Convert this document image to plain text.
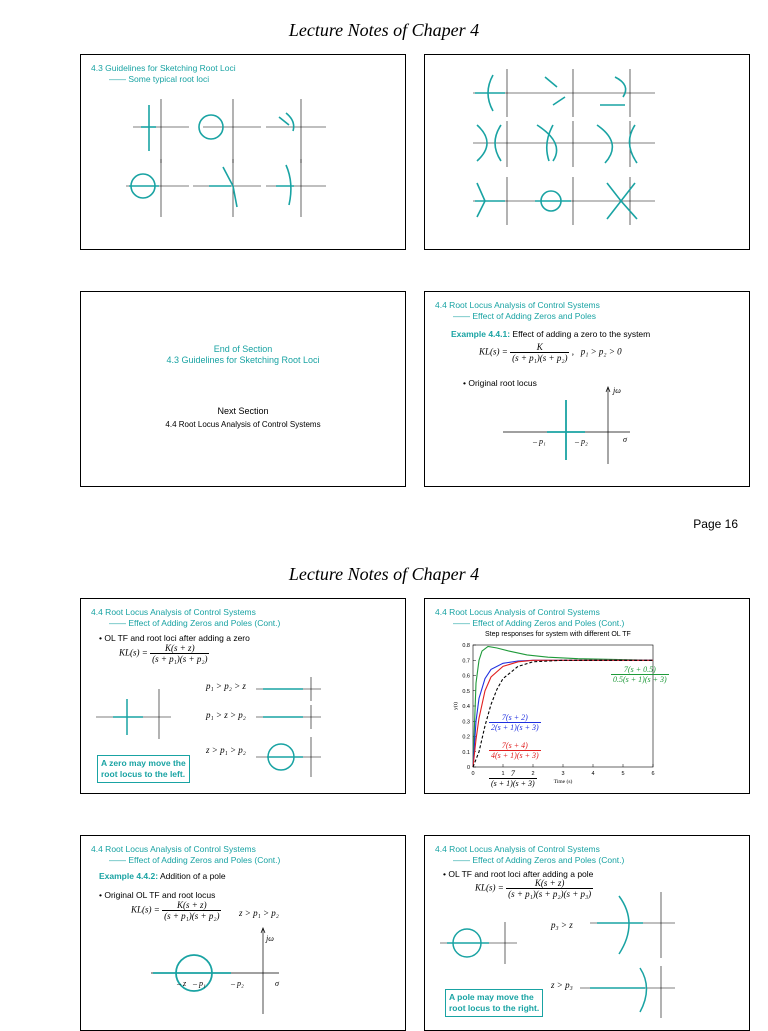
Lecture Notes of Chaper 4
4.3 Guidelines for Sketching Root Loci
—— Some typical root loci
End of Section
4.3 Guidelines for Sketching Root Loci
Next Section
4.4 Root Locus Analysis of Control Systems
4.4 Root Locus Analysis of Control Systems
—— Effect of Adding Zeros and Poles
Example 4.4.1: Effect of adding a zero to the system
$KL(s) = \frac{K}{\text{(s + p₁)(s + p₂)}}$ ,   p₁ > p₂ > 0
• Original root locus
jω
σ
– p₁	– p₂
Page 16
Lecture Notes of Chaper 4
4.4 Root Locus Analysis of Control Systems
—— Effect of Adding Zeros and Poles (Cont.)
• OL TF and root loci after adding a zero
$KL(s) = \frac{K(s + z)}{\text{(s + p₁)(s + p₂)}}$
p₁ > p₂ > z
p₁ > z > p₂
z > p₁ > p₂
A zero may move the
root locus to the left.
4.4 Root Locus Analysis of Control Systems
—— Effect of Adding Zeros and Poles (Cont.)
Step responses for system with different OL TF
0
0.1
0.2
0.3
0.4
0.5
0.6
0.7
0.8
0	1	2	3	4	5	6
Time (s)
y(t)
$\frac{7(s + 0.5)}{0.5(s + 1)(s + 3)}$
$\frac{7(s + 2)}{2(s + 1)(s + 3)}$
$\frac{7(s + 4)}{4(s + 1)(s + 3)}$
$\frac{7}{(s + 1)(s + 3)}$
4.4 Root Locus Analysis of Control Systems
—— Effect of Adding Zeros and Poles (Cont.)
Example 4.4.2: Addition of a pole
• Original OL TF and root locus
$KL(s) = \frac{K(s + z)}{\text{(s + p₁)(s + p₂)}}$ z > p₁ > p₂
jω
σ
– z – p₁	– p₂
4.4 Root Locus Analysis of Control Systems
—— Effect of Adding Zeros and Poles (Cont.)
• OL TF and root loci after adding a pole
$KL(s) = \frac{K(s + z)}{\text{(s + p₁)(s + p₂)(s + p₃)}}$
p₃ > z
z > p₃
A pole may move the
root locus to the right.
